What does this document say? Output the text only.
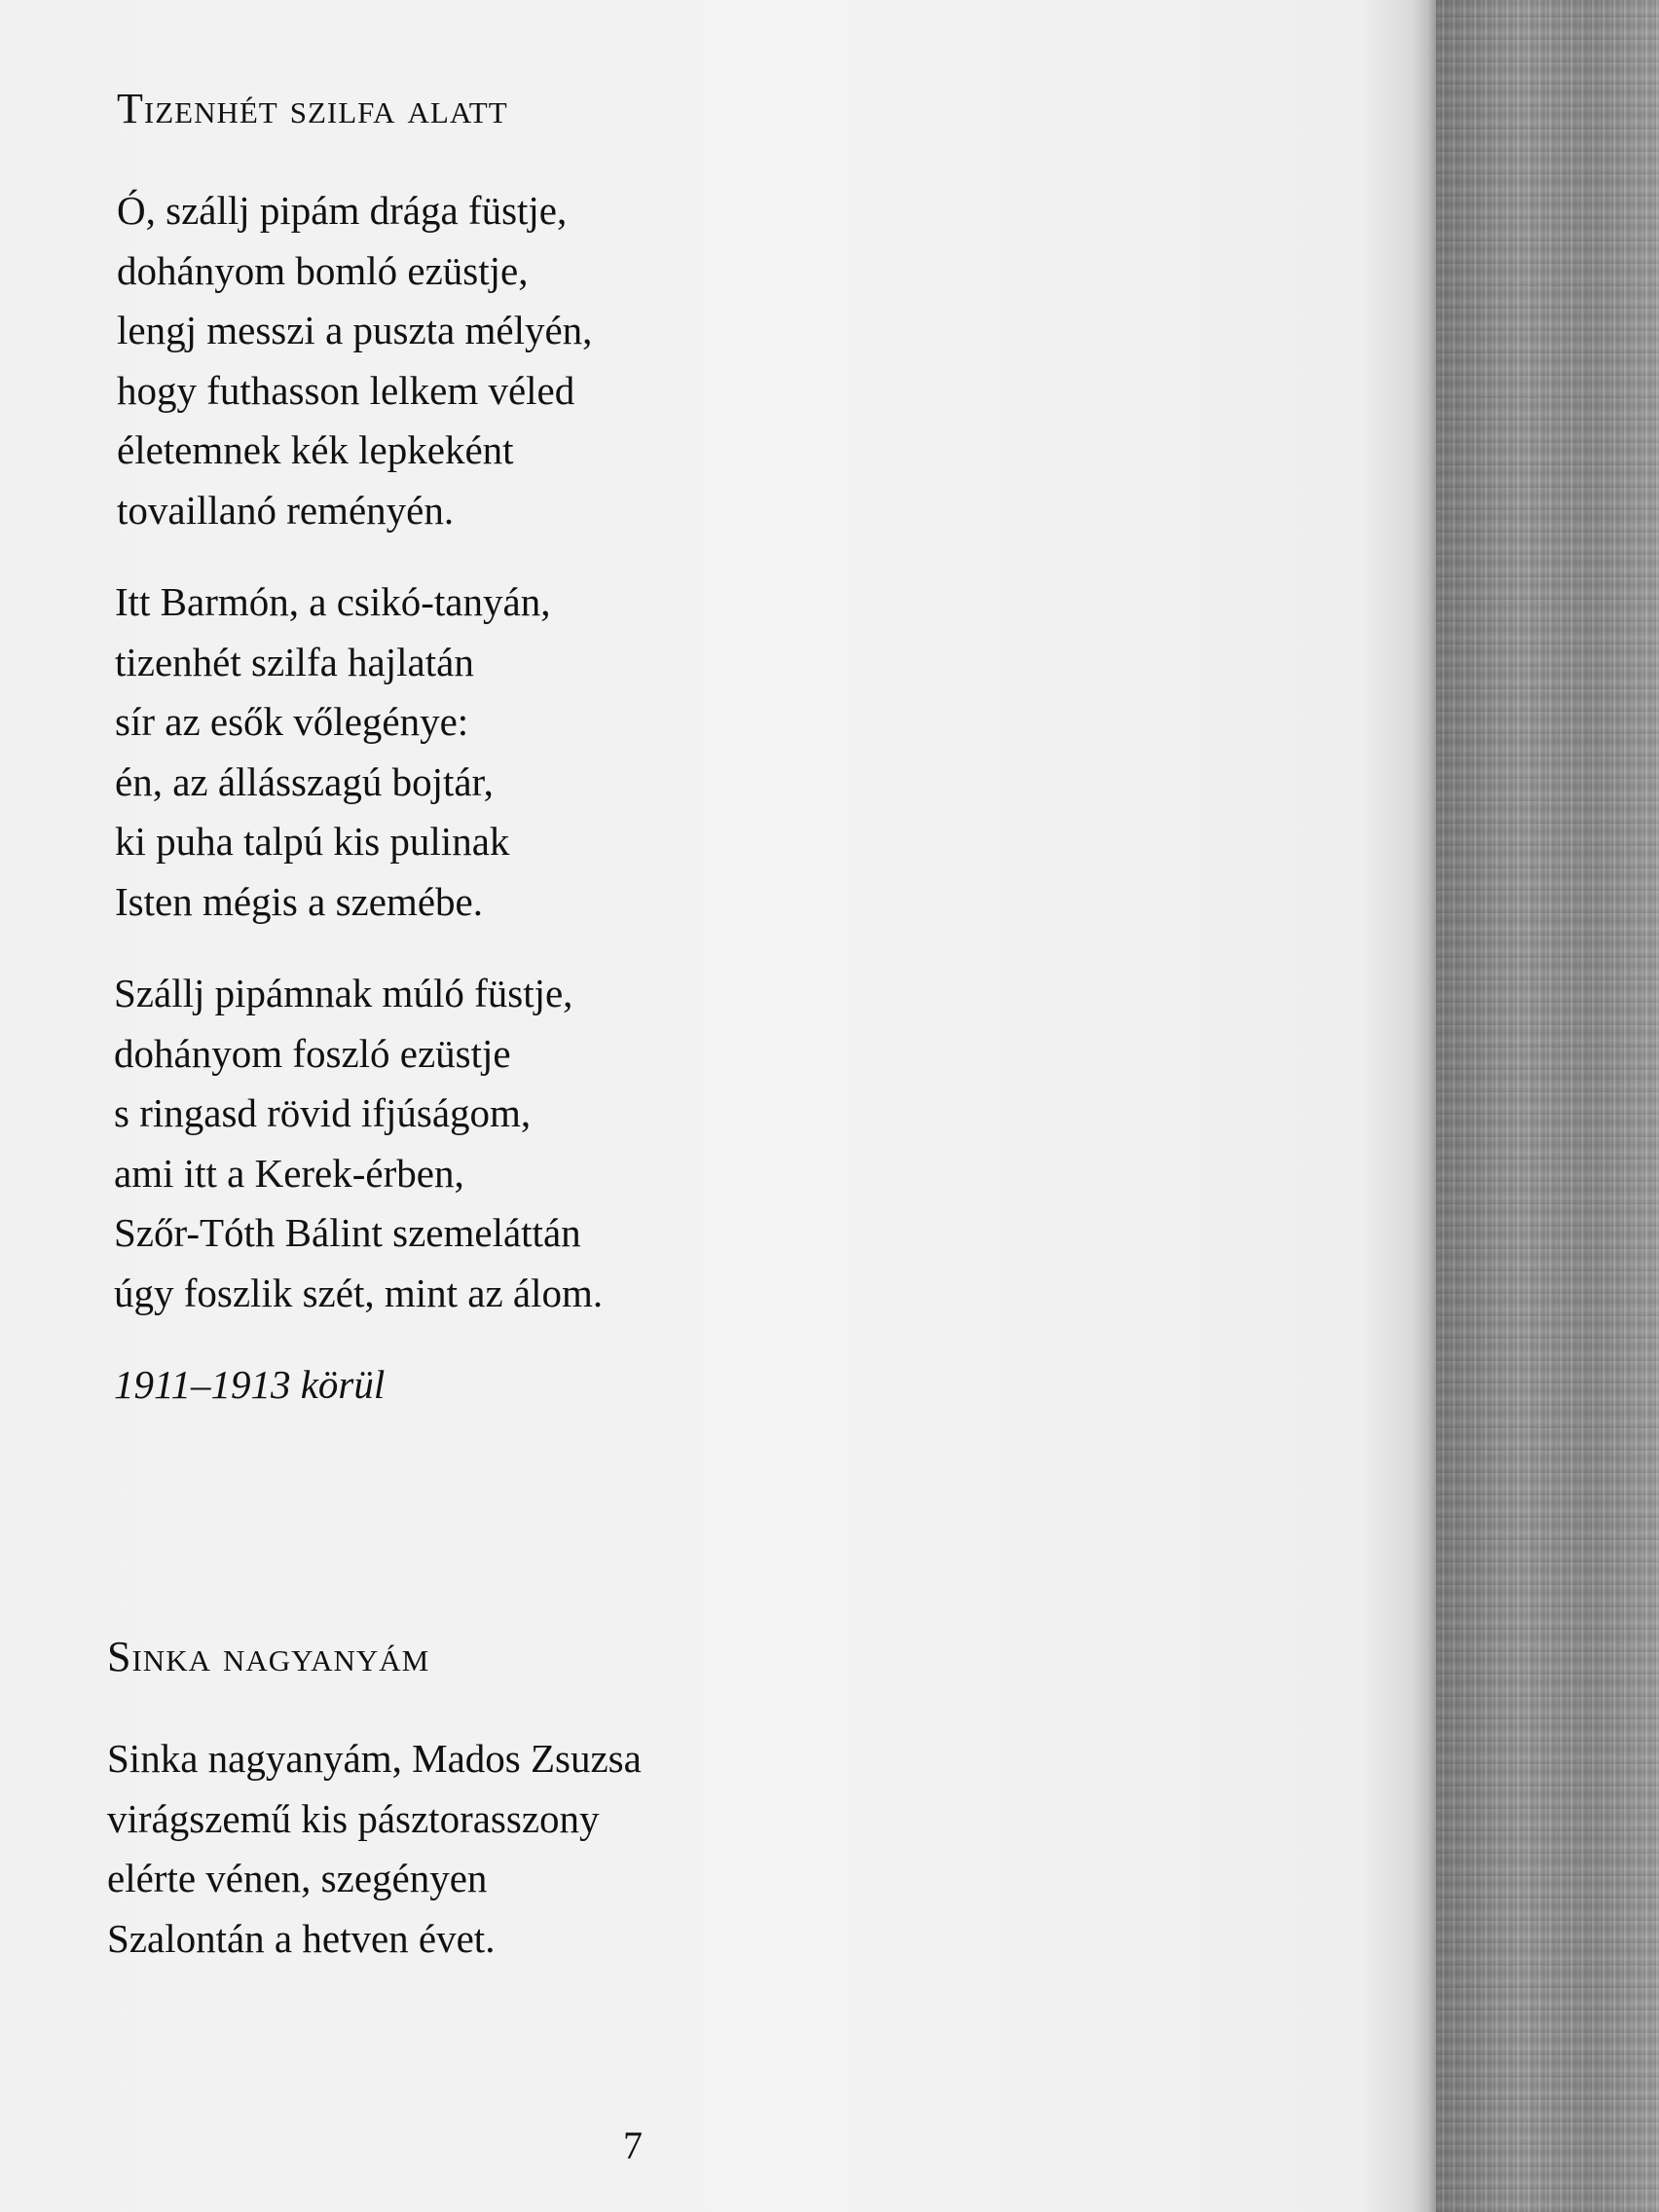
Tizenhét szilfa alatt
Ó, szállj pipám drága füstje,
dohányom bomló ezüstje,
lengj messzi a puszta mélyén,
hogy futhasson lelkem véled
életemnek kék lepkeként
tovaillanó reményén.
Itt Barmón, a csikó-tanyán,
tizenhét szilfa hajlatán
sír az esők vőlegénye:
én, az állásszagú bojtár,
ki puha talpú kis pulinak
Isten mégis a szemébe.
Szállj pipámnak múló füstje,
dohányom foszló ezüstje
s ringasd rövid ifjúságom,
ami itt a Kerek-érben,
Szőr-Tóth Bálint szemeláttán
úgy foszlik szét, mint az álom.
1911–1913 körül
Sinka nagyanyám
Sinka nagyanyám, Mados Zsuzsa
virágszemű kis pásztorasszony
elérte vénen, szegényen
Szalontán a hetven évet.
7
